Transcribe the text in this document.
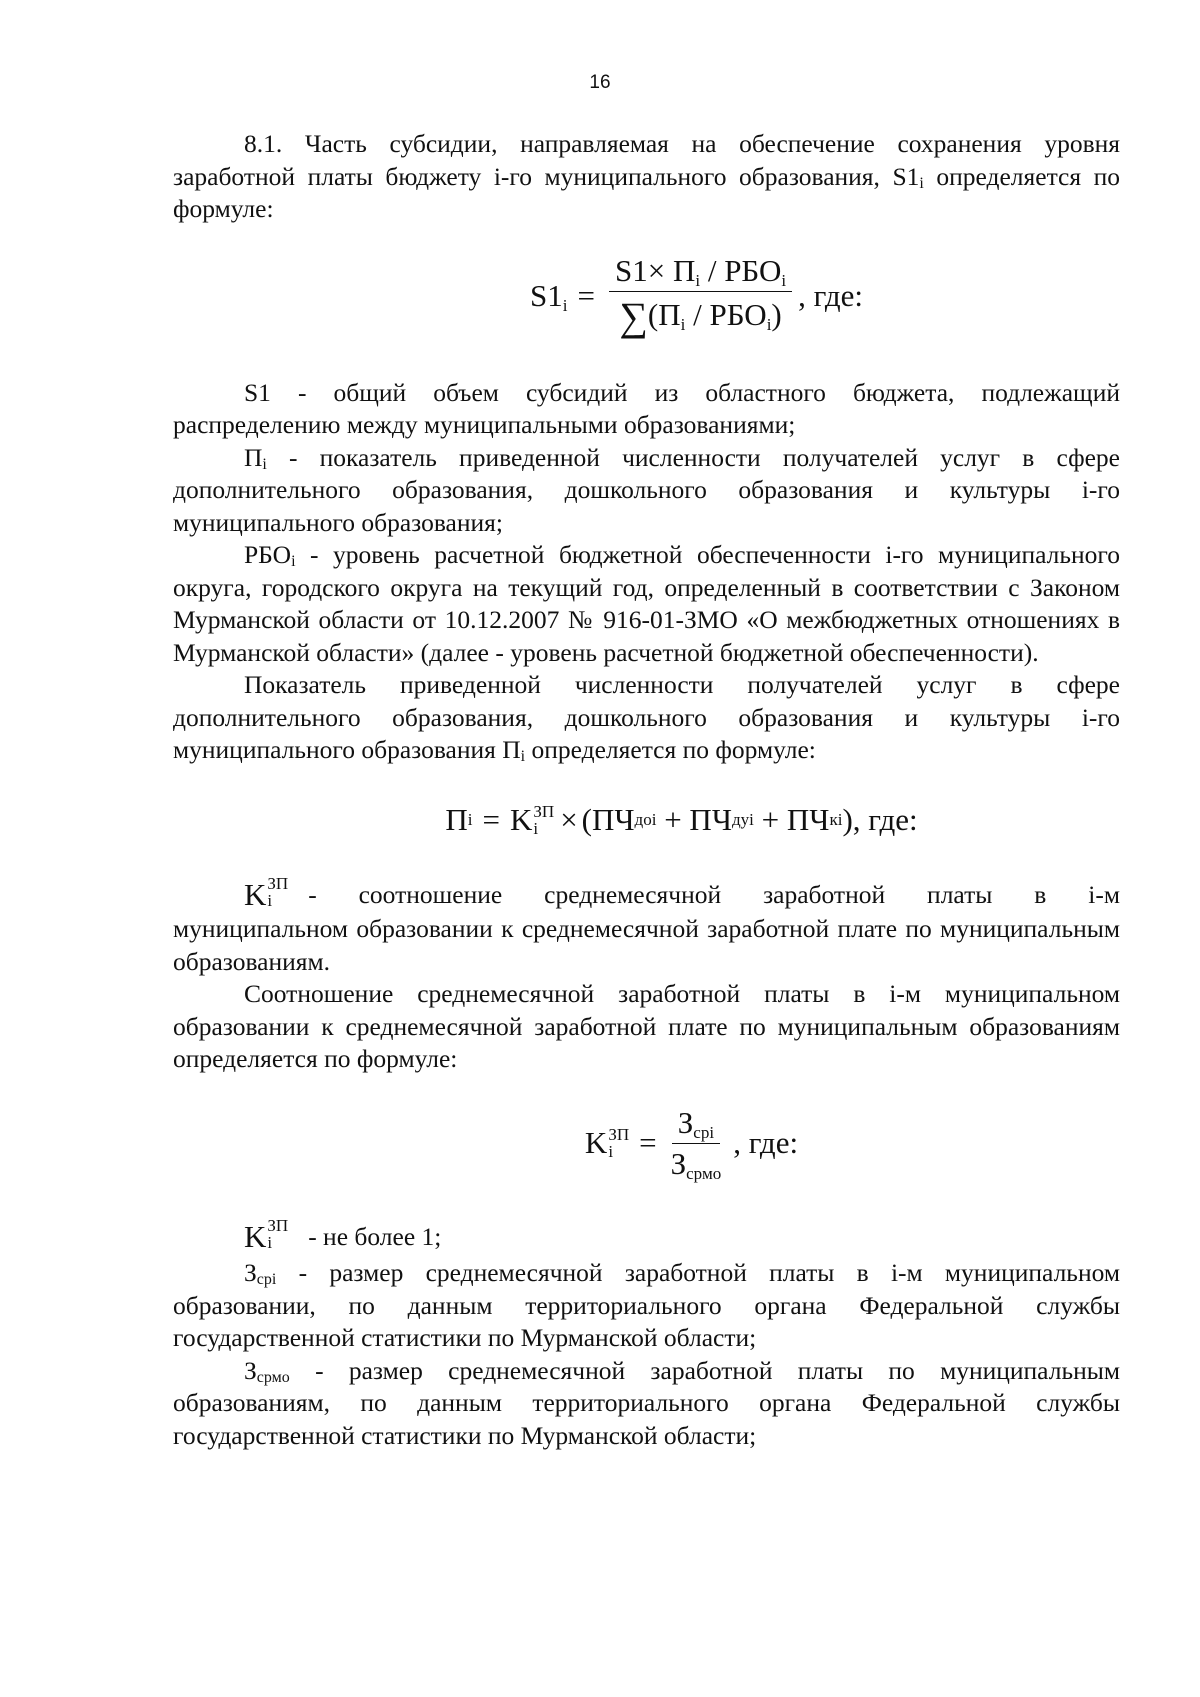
16

8.1. Часть субсидии, направляемая на обеспечение сохранения уровня заработной платы бюджету i-го муниципального образования, S1i определяется по формуле:

$S1_i = \frac{S1\times П_i / РБО_i}{\sum(П_i / РБО_i)}$ , где:

S1 - общий объем субсидий из областного бюджета, подлежащий распределению между муниципальными образованиями;

Пi - показатель приведенной численности получателей услуг в сфере дополнительного образования, дошкольного образования и культуры i-го муниципального образования;

РБОi - уровень расчетной бюджетной обеспеченности i-го муниципального округа, городского округа на текущий год, определенный в соответствии с Законом Мурманской области от 10.12.2007 № 916-01-ЗМО «О межбюджетных отношениях в Мурманской области» (далее - уровень расчетной бюджетной обеспеченности).

Показатель приведенной численности получателей услуг в сфере дополнительного образования, дошкольного образования и культуры i-го муниципального образования Пi определяется по формуле:

П i = K ЗП
i × (ПЧ доi + ПЧ дуi + ПЧ кi ), где:
K ЗП
i	- соотношение среднемесячной заработной платы в i-м

муниципальном образовании к среднемесячной заработной плате по муниципальным образованиям.

Соотношение среднемесячной заработной платы в i-м муниципальном образовании к среднемесячной заработной плате по муниципальным образованиям определяется по формуле:

K ЗП
$i = \frac{З_{срi}}{З_{срмо}}$ , где:
K ЗП
i	- не более 1;

Зсрi - размер среднемесячной заработной платы в i-м муниципальном образовании, по данным территориального органа Федеральной службы государственной статистики по Мурманской области;

Зсрмо - размер среднемесячной заработной платы по муниципальным образованиям, по данным территориального органа Федеральной службы государственной статистики по Мурманской области;
